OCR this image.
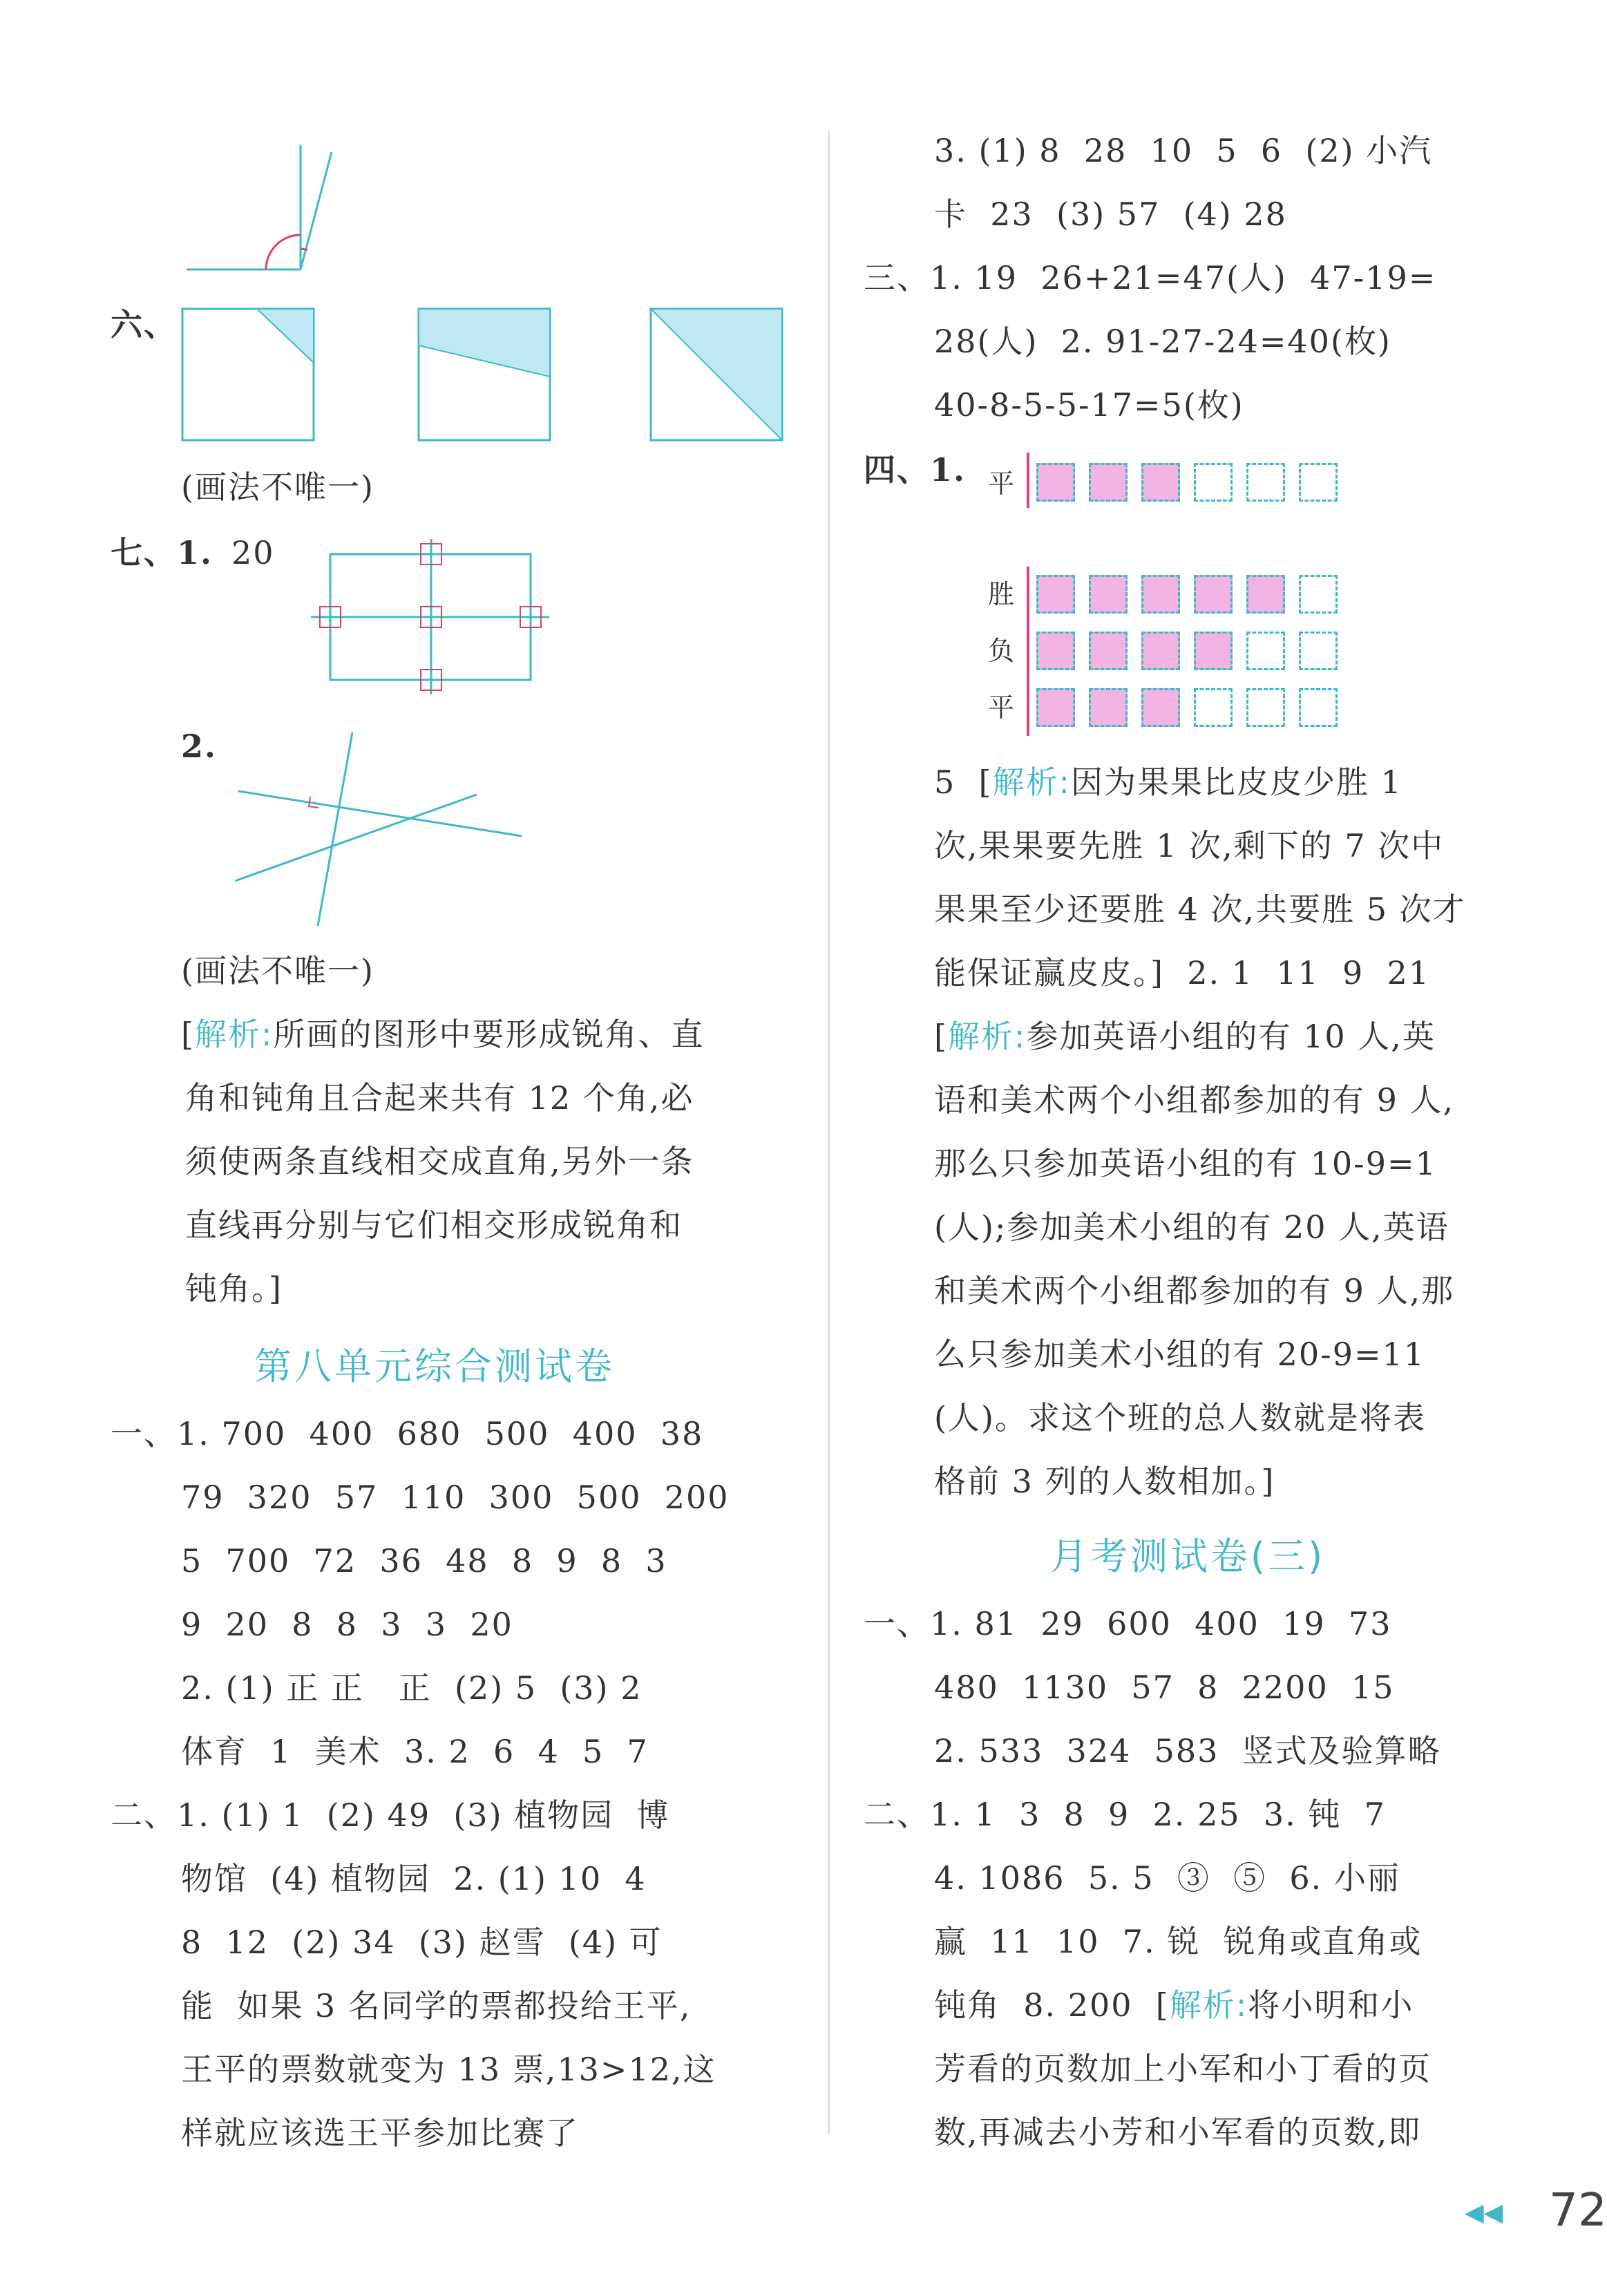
六、
(画法不唯一)
七、1. 20
2.
(画法不唯一)
[解析:所画的图形中要形成锐角、直
角和钝角且合起来共有 12 个角,必
须使两条直线相交成直角,另外一条
直线再分别与它们相交形成锐角和
钝角。]
第八单元综合测试卷
一、1. 700  400  680  500  400  38
79  320  57  110  300  500  200
5  700  72  36  48  8  9  8  3
9  20  8  8  3  3  20
2. (1) 正 正   正  (2) 5  (3) 2
体育  1  美术  3. 2  6  4  5  7
二、1. (1) 1  (2) 49  (3) 植物园  博
物馆  (4) 植物园  2. (1) 10  4
8  12  (2) 34  (3) 赵雪  (4) 可
能  如果 3 名同学的票都投给王平,
王平的票数就变为 13 票,13>12,这
样就应该选王平参加比赛了
3. (1) 8  28  10  5  6  (2) 小汽
卡  23  (3) 57  (4) 28
三、1. 19  26+21=47(人)  47-19=
28(人)  2. 91-27-24=40(枚)
40-8-5-5-17=5(枚)
四、1. 平
胜
负
平
5  [解析:因为果果比皮皮少胜 1
次,果果要先胜 1 次,剩下的 7 次中
果果至少还要胜 4 次,共要胜 5 次才
能保证赢皮皮。]  2. 1  11  9  21
[解析:参加英语小组的有 10 人,英
语和美术两个小组都参加的有 9 人,
那么只参加英语小组的有 10-9=1
(人);参加美术小组的有 20 人,英语
和美术两个小组都参加的有 9 人,那
么只参加美术小组的有 20-9=11
(人)。求这个班的总人数就是将表
格前 3 列的人数相加。]
月考测试卷(三)
一、1. 81  29  600  400  19  73
480  1130  57  8  2200  15
2. 533  324  583  竖式及验算略
二、1. 1  3  8  9  2. 25  3. 钝  7
4. 1086  5. 5  ③  ⑤  6. 小丽
赢  11  10  7. 锐  锐角或直角或
钝角  8. 200  [解析:将小明和小
芳看的页数加上小军和小丁看的页
数,再减去小芳和小军看的页数,即
◀◀ 72
